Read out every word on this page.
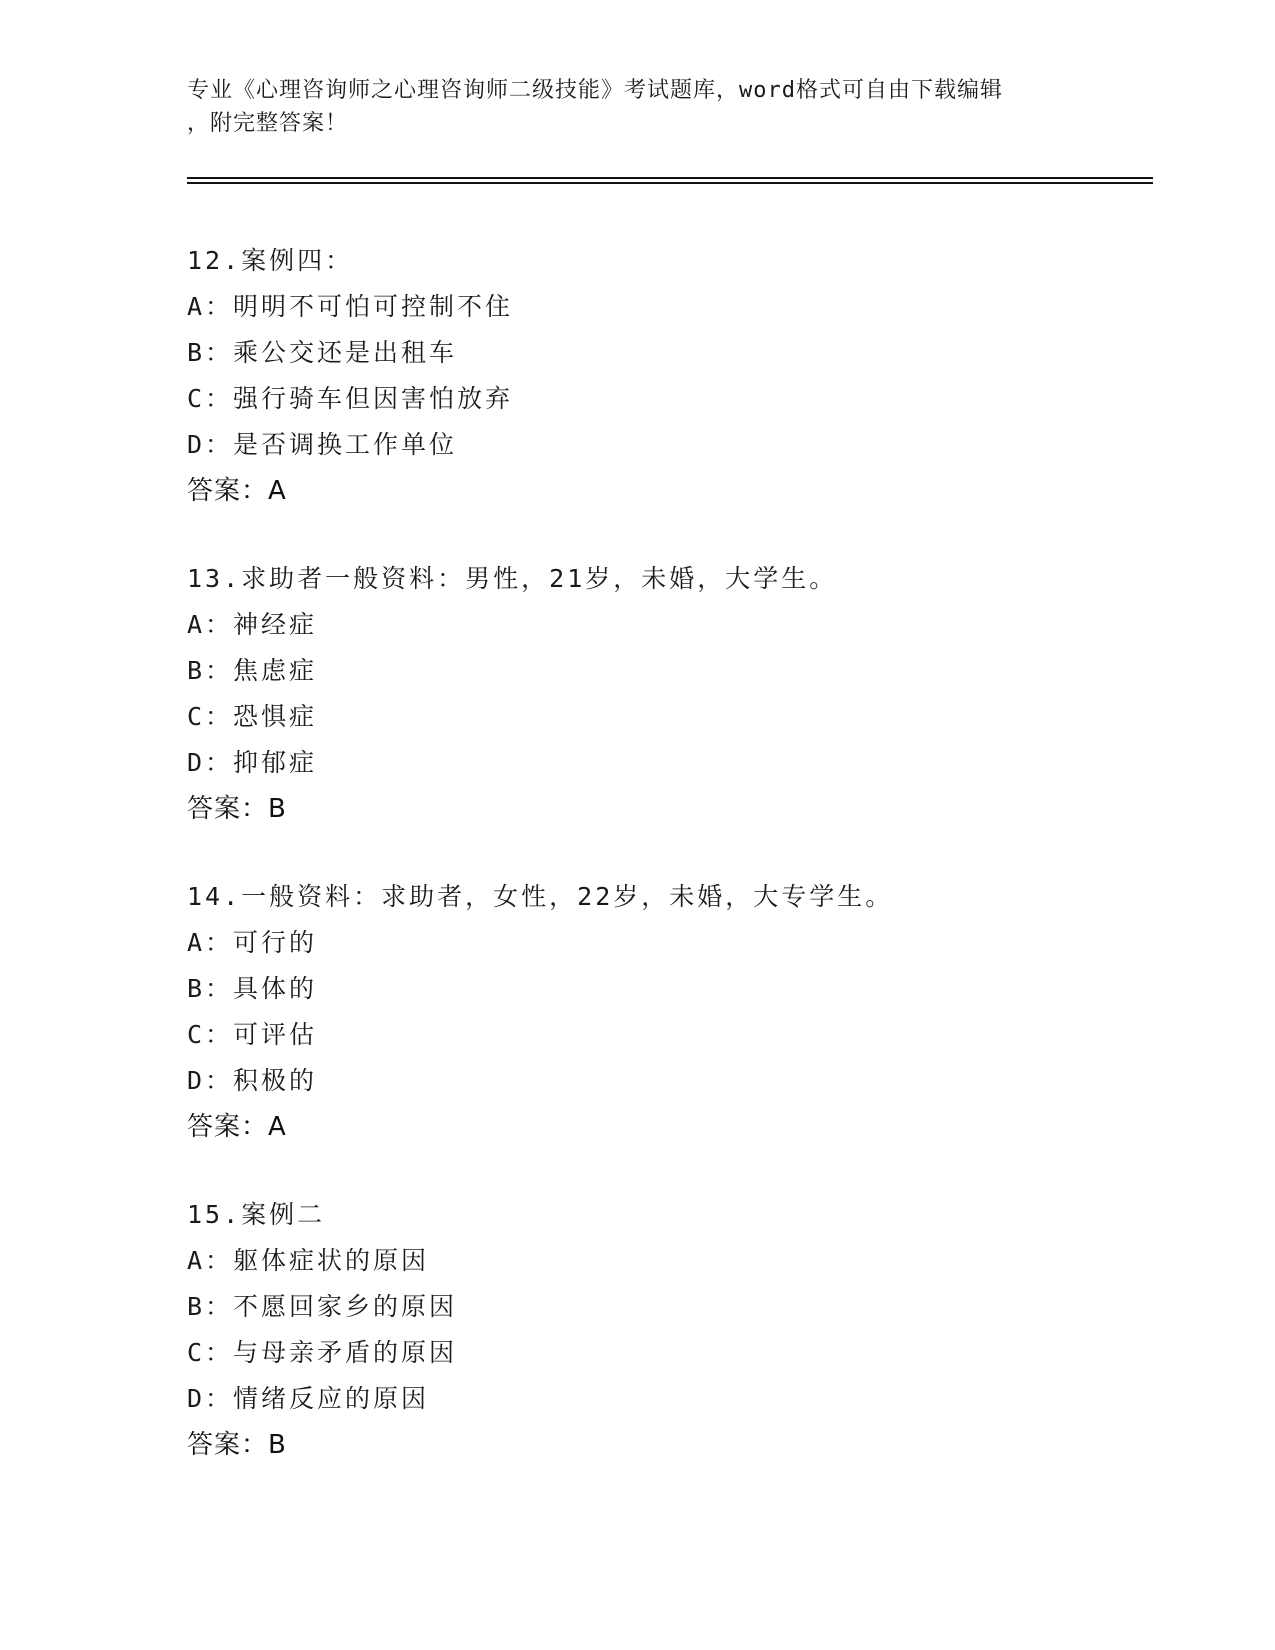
专业《心理咨询师之心理咨询师二级技能》考试题库，word格式可自由下载编辑
，附完整答案！
12.案例四：
A：明明不可怕可控制不住
B：乘公交还是出租车
C：强行骑车但因害怕放弃
D：是否调换工作单位
答案：A
13.求助者一般资料：男性，21岁，未婚，大学生。
A：神经症
B：焦虑症
C：恐惧症
D：抑郁症
答案：B
14.一般资料：求助者，女性，22岁，未婚，大专学生。
A：可行的
B：具体的
C：可评估
D：积极的
答案：A
15.案例二
A：躯体症状的原因
B：不愿回家乡的原因
C：与母亲矛盾的原因
D：情绪反应的原因
答案：B
